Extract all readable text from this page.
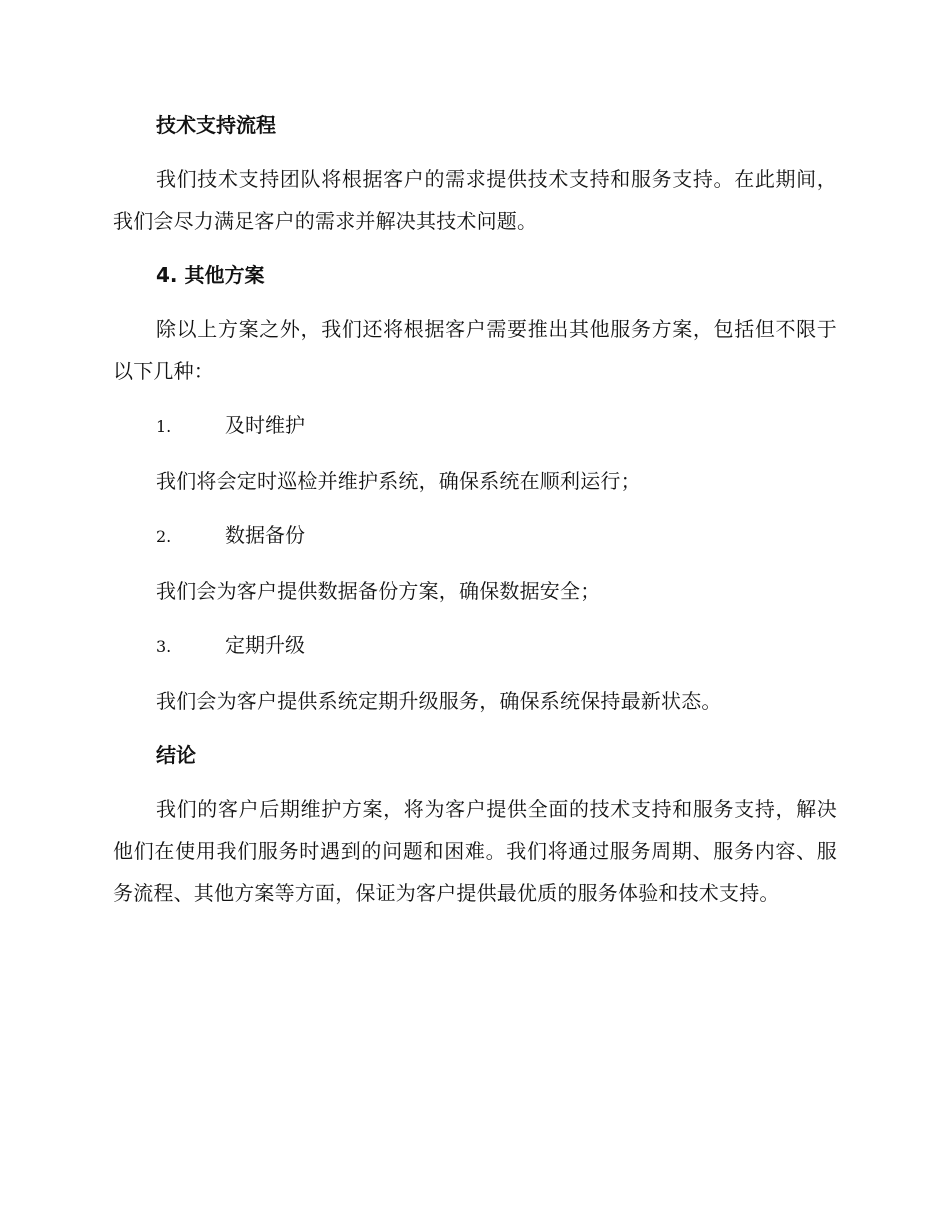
技术支持流程

我们技术支持团队将根据客户的需求提供技术支持和服务支持。在此期间，我们会尽力满足客户的需求并解决其技术问题。

4. 其他方案

除以上方案之外，我们还将根据客户需要推出其他服务方案，包括但不限于以下几种：

1.	及时维护

我们将会定时巡检并维护系统，确保系统在顺利运行；

2.	数据备份

我们会为客户提供数据备份方案，确保数据安全；

3.	定期升级

我们会为客户提供系统定期升级服务，确保系统保持最新状态。

结论

我们的客户后期维护方案，将为客户提供全面的技术支持和服务支持，解决他们在使用我们服务时遇到的问题和困难。我们将通过服务周期、服务内容、服务流程、其他方案等方面，保证为客户提供最优质的服务体验和技术支持。
